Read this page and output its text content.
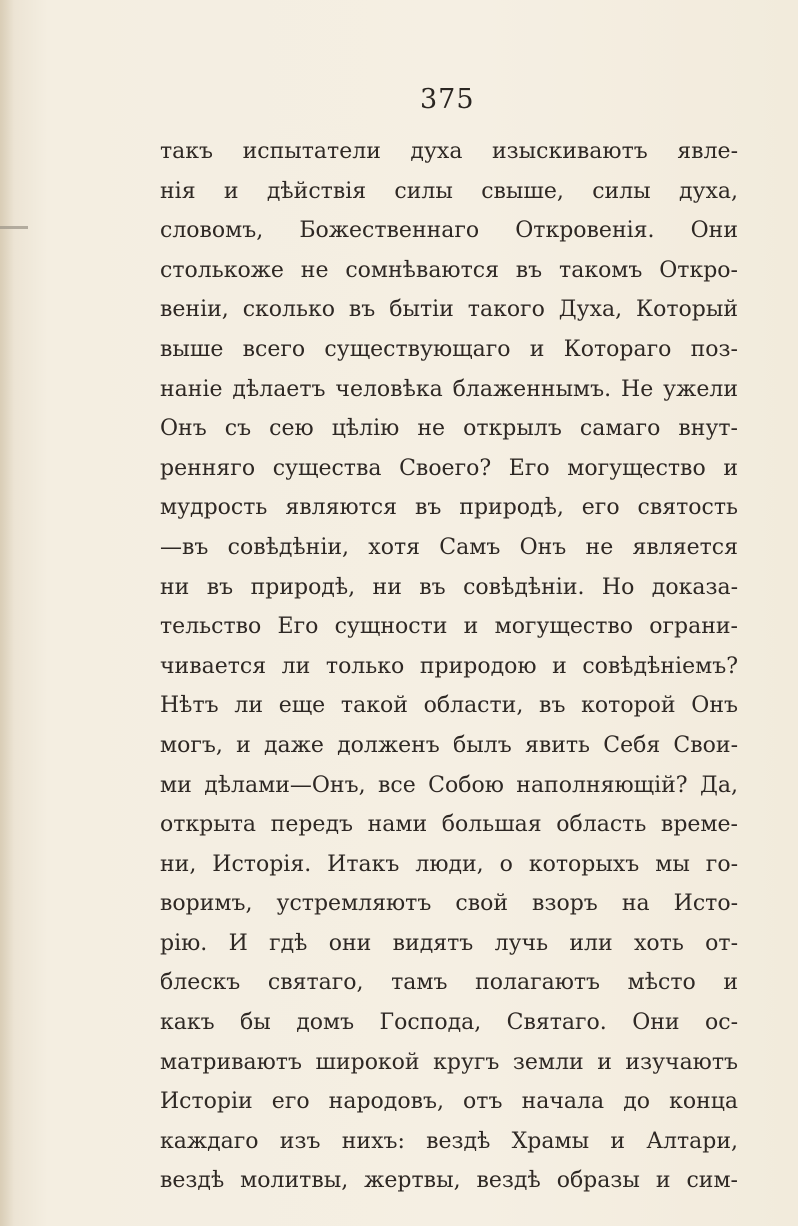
375
такъ испытатели духа изыскиваютъ явле-
нія и дѣйствія силы свыше, силы духа,
словомъ, Божественнаго Откровенія. Они
столькоже не сомнѣваются въ такомъ Откро-
веніи, сколько въ бытіи такого Духа, Который
выше всего существующаго и Котораго поз-
наніе дѣлаетъ человѣка блаженнымъ. Не ужели
Онъ съ сею цѣлію не открылъ самаго внут-
ренняго существа Своего? Его могущество и
мудрость являются въ природѣ, его святость
—въ совѣдѣніи, хотя Самъ Онъ не является
ни въ природѣ, ни въ совѣдѣніи. Но доказа-
тельство Его сущности и могущество ограни-
чивается ли только природою и совѣдѣніемъ?
Нѣтъ ли еще такой области, въ которой Онъ
могъ, и даже долженъ былъ явить Себя Свои-
ми дѣлами—Онъ, все Собою наполняющій? Да,
открыта передъ нами большая область време-
ни, Исторія. Итакъ люди, о которыхъ мы го-
воримъ, устремляютъ свой взоръ на Исто-
рію. И гдѣ они видятъ лучь или хоть от-
блескъ святаго, тамъ полагаютъ мѣсто и
какъ бы домъ Господа, Святаго. Они ос-
матриваютъ широкой кругъ земли и изучаютъ
Исторіи его народовъ, отъ начала до конца
каждаго изъ нихъ: вездѣ Храмы и Алтари,
вездѣ молитвы, жертвы, вездѣ образы и сим-
